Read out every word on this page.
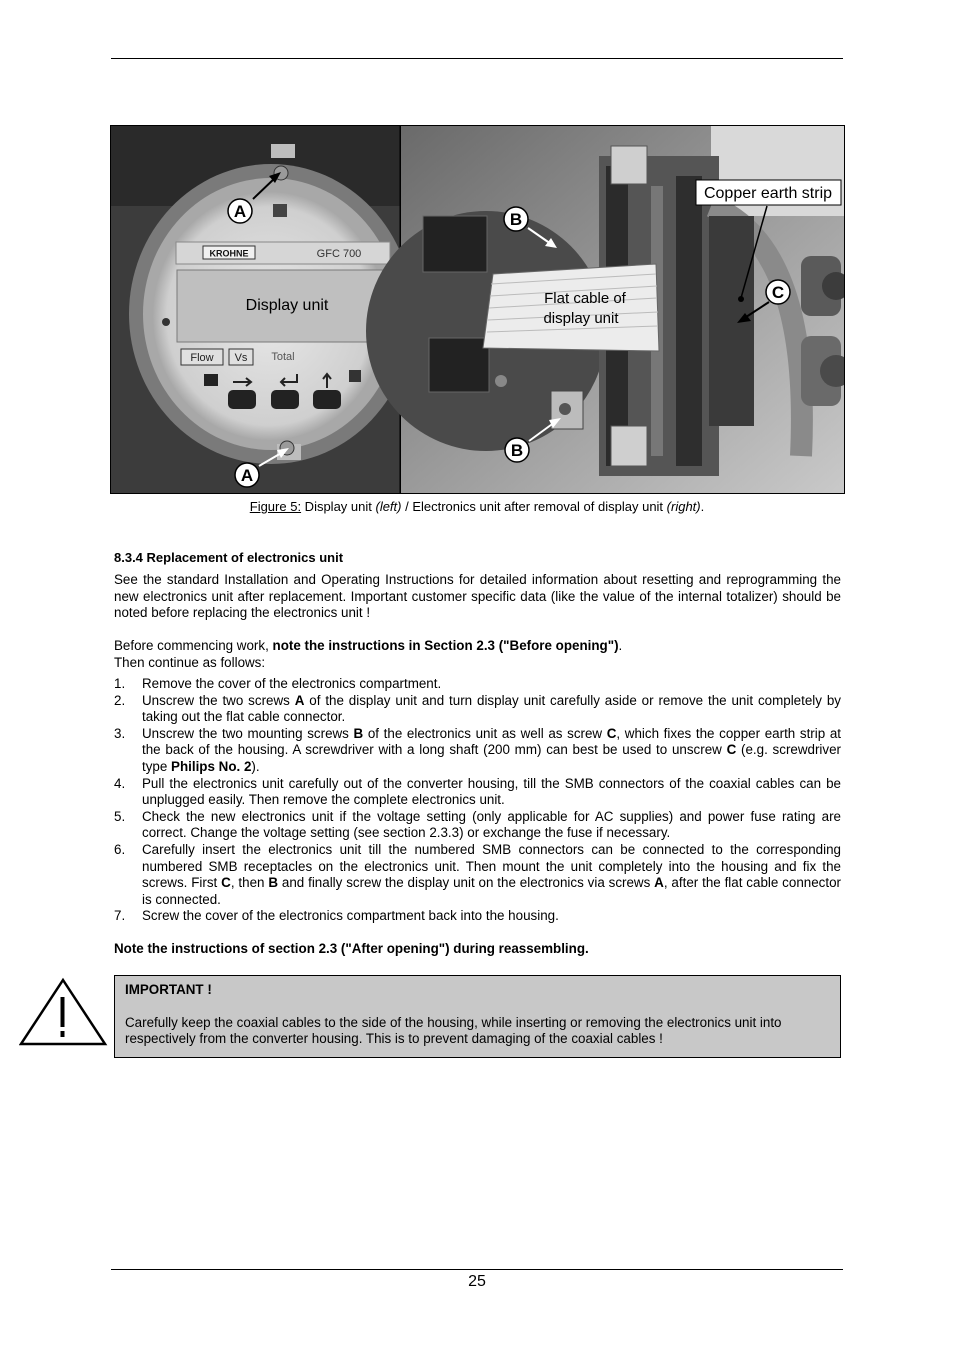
KROHNE	GFC 700
Flow Vs Total
Display unit
A
A
Flat cable of
display unit
Copper earth strip
B
B
C
Figure 5: Display unit (left) / Electronics unit after removal of display unit (right).
8.3.4 Replacement of electronics unit
See the standard Installation and Operating Instructions for detailed information about resetting and reprogramming the new electronics unit after replacement. Important customer specific data (like the value of the internal totalizer) should be noted before replacing the electronics unit !
Before commencing work, note the instructions in Section 2.3 ("Before opening").
Then continue as follows:
1. Remove the cover of the electronics compartment.
2. Unscrew the two screws A of the display unit and turn display unit carefully aside or remove the unit completely by taking out the flat cable connector.
3. Unscrew the two mounting screws B of the electronics unit as well as screw C, which fixes the copper earth strip at the back of the housing. A screwdriver with a long shaft (200 mm) can best be used to unscrew C (e.g. screwdriver type Philips No. 2).
4. Pull the electronics unit carefully out of the converter housing, till the SMB connectors of the coaxial cables can be unplugged easily. Then remove the complete electronics unit.
5. Check the new electronics unit if the voltage setting (only applicable for AC supplies) and power fuse rating are correct. Change the voltage setting (see section 2.3.3) or exchange the fuse if necessary.
6. Carefully insert the electronics unit till the numbered SMB connectors can be connected to the corresponding numbered SMB receptacles on the electronics unit. Then mount the unit completely into the housing and fix the screws. First C, then B and finally screw the display unit on the electronics via screws A, after the flat cable connector is connected.
7. Screw the cover of the electronics compartment back into the housing.
Note the instructions of section 2.3 ("After opening") during reassembling.
IMPORTANT !
Carefully keep the coaxial cables to the side of the housing, while inserting or removing the electronics unit into respectively from the converter housing. This is to prevent damaging of the coaxial cables !
25
